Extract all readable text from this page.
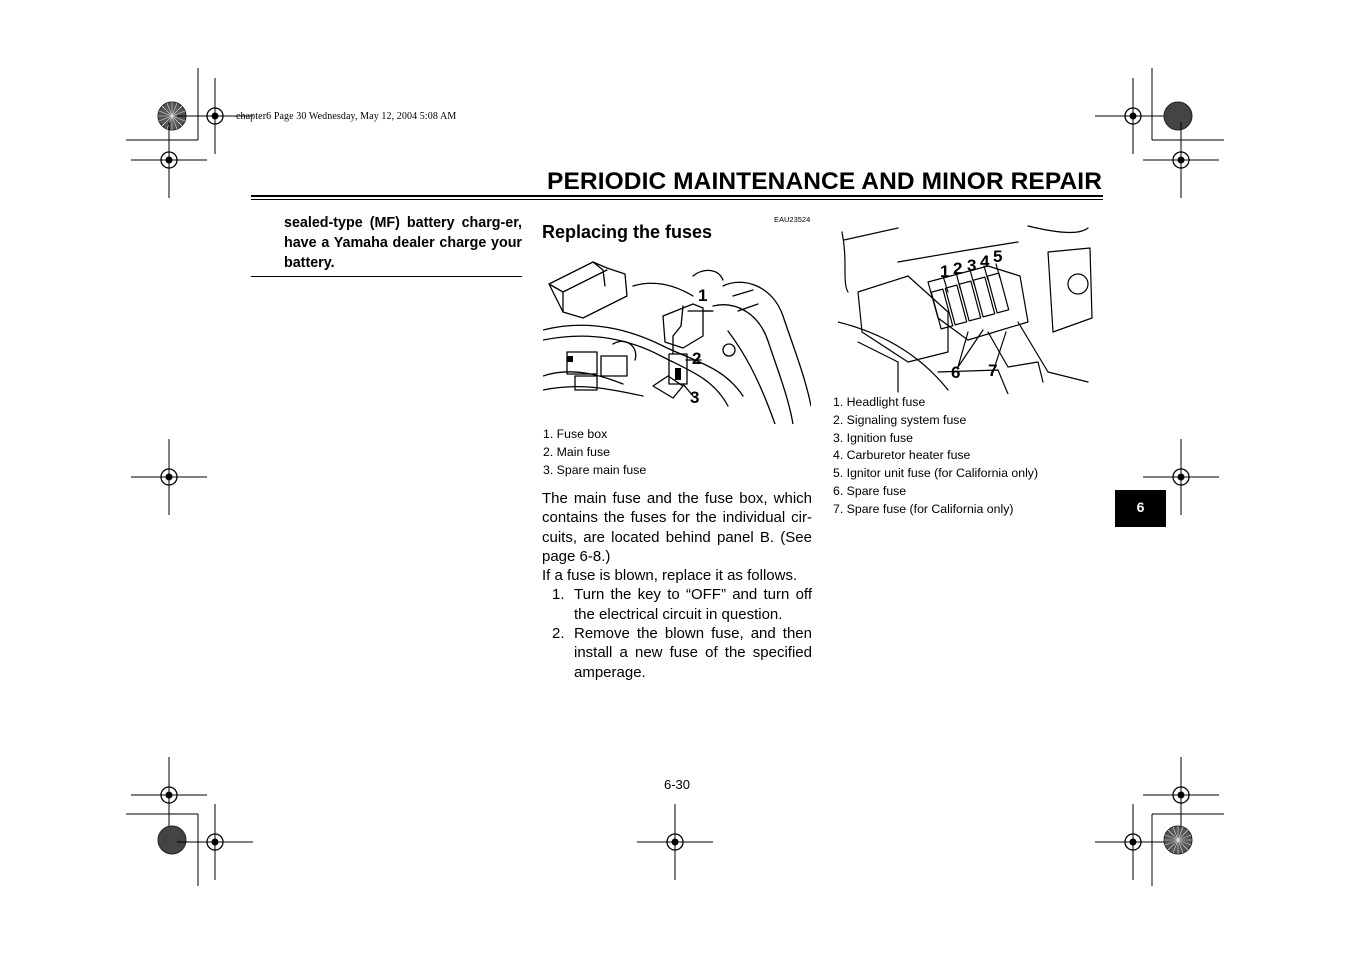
chapter6 Page 30 Wednesday, May 12, 2004 5:08 AM
PERIODIC MAINTENANCE AND MINOR REPAIR
sealed-type (MF) battery charg-er, have a Yamaha dealer charge your battery.
EAU23524
Replacing the fuses
1
2
3
1. Fuse box
2. Main fuse
3. Spare main fuse

The main fuse and the fuse box, which contains the fuses for the individual cir-cuits, are located behind panel B. (See page 6-8.)

If a fuse is blown, replace it as follows.

1. Turn the key to “OFF” and turn off the electrical circuit in question.
2. Remove the blown fuse, and then install a new fuse of the specified amperage.
1 2 3 4 5
6 7
1. Headlight fuse
2. Signaling system fuse
3. Ignition fuse
4. Carburetor heater fuse
5. Ignitor unit fuse (for California only)
6. Spare fuse
7. Spare fuse (for California only)	6
6-30
